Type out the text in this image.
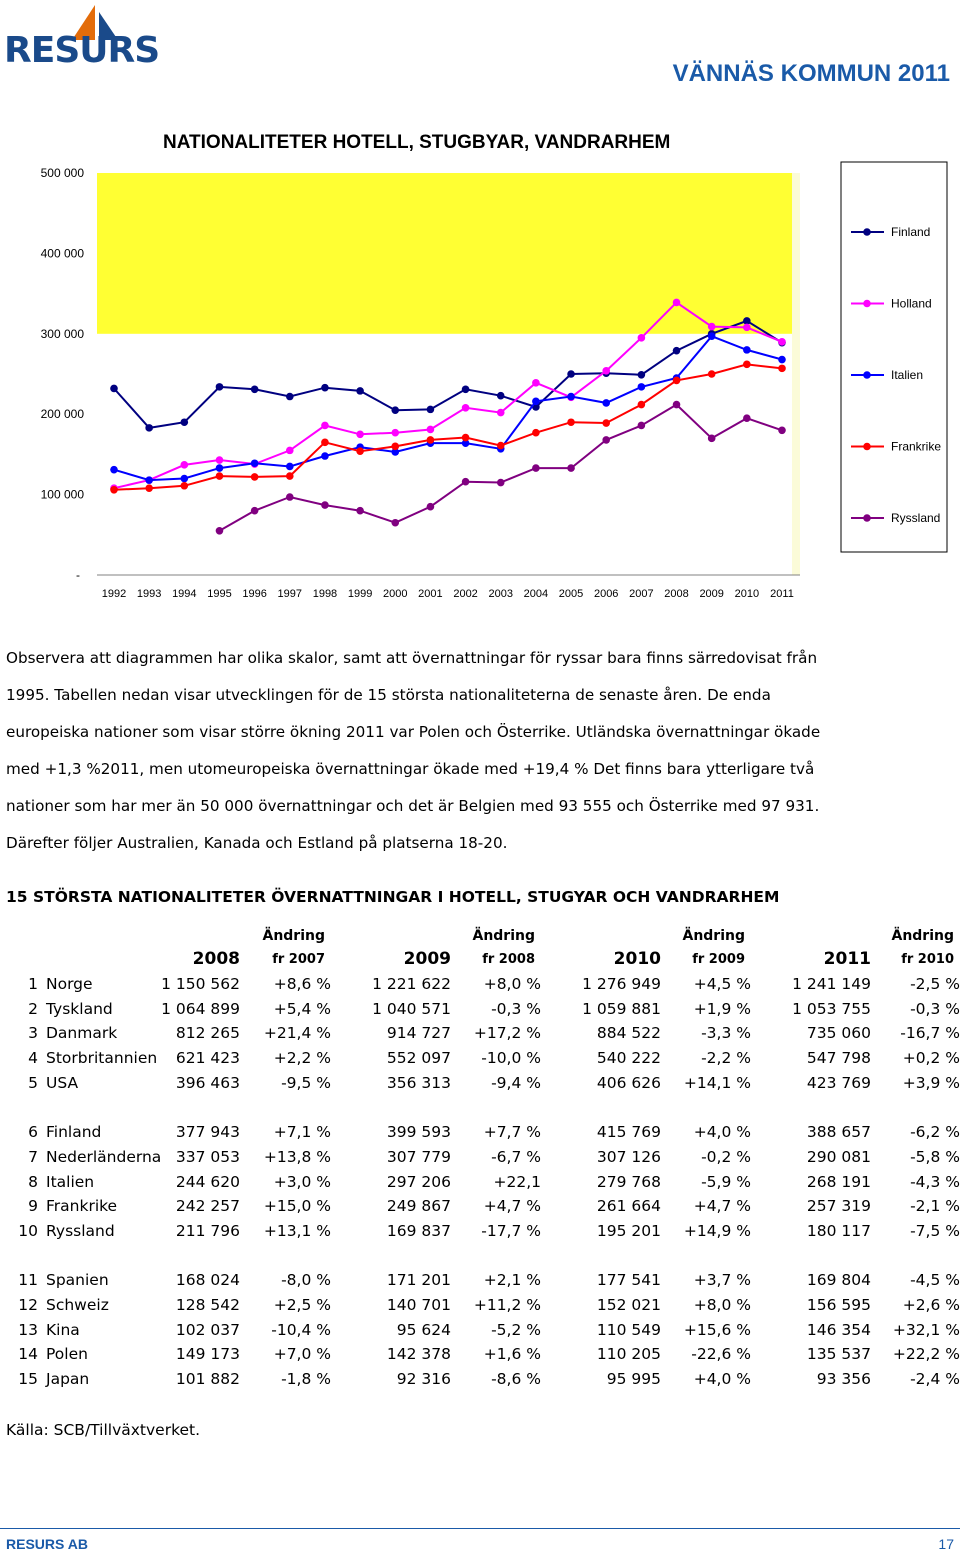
RESURS
VÄNNÄS KOMMUN 2011
NATIONALITETER HOTELL, STUGBYAR, VANDRARHEM
-
100 000
200 000
300 000
400 000
500 000
1992 1993 1994 1995 1996 1997 1998 1999 2000 2001 2002 2003 2004 2005 2006 2007 2008 2009 2010 2011
Finland
Holland
Italien
Frankrike
Ryssland

Observera att diagrammen har olika skalor, samt att övernattningar för ryssar bara finns särredovisat från

1995. Tabellen nedan visar utvecklingen för de 15 största nationaliteterna de senaste åren. De enda

europeiska nationer som visar större ökning 2011 var Polen och Österrike. Utländska övernattningar ökade

med +1,3 %2011, men utomeuropeiska övernattningar ökade med +19,4 % Det finns bara ytterligare två

nationer som har mer än 50 000 övernattningar och det är Belgien med 93 555 och Österrike med 97 931.

Därefter följer Australien, Kanada och Estland på platserna 18-20.

15 STÖRSTA NATIONALITETER ÖVERNATTNINGAR I HOTELL, STUGYAR OCH VANDRARHEM
Ändring
2008 fr 2007
Ändring
2009 fr 2008
Ändring
2010 fr 2009
Ändring
2011 fr 2010
1 Norge	1 150 562 +8,6 %	1 221 622 +8,0 %	1 276 949 +4,5 %	1 241 149	-2,5 %
2 Tyskland	1 064 899 +5,4 %	1 040 571	-0,3 %	1 059 881 +1,9 %	1 053 755	-0,3 %
3 Danmark	812 265 +21,4 %	914 727 +17,2 %	884 522	-3,3 %	735 060 -16,7 %
4 Storbritannien 621 423 +2,2 %	552 097 -10,0 %	540 222	-2,2 %	547 798 +0,2 %
5 USA	396 463	-9,5 %	356 313	-9,4 %	406 626 +14,1 %	423 769 +3,9 %
6 Finland	377 943 +7,1 %	399 593 +7,7 %	415 769 +4,0 %	388 657	-6,2 %
7 Nederländerna 337 053 +13,8 %	307 779	-6,7 %	307 126	-0,2 %	290 081	-5,8 %
8 Italien	244 620 +3,0 %	297 206	+22,1	279 768	-5,9 %	268 191	-4,3 %
9 Frankrike	242 257 +15,0 %	249 867 +4,7 %	261 664 +4,7 %	257 319	-2,1 %
10 Ryssland	211 796 +13,1 %	169 837 -17,7 %	195 201 +14,9 %	180 117	-7,5 %
11 Spanien	168 024	-8,0 %	171 201 +2,1 %	177 541 +3,7 %	169 804	-4,5 %
12 Schweiz	128 542 +2,5 %	140 701 +11,2 %	152 021 +8,0 %	156 595 +2,6 %
13 Kina	102 037 -10,4 %	95 624	-5,2 %	110 549 +15,6 %	146 354 +32,1 %
14 Polen	149 173 +7,0 %	142 378 +1,6 %	110 205 -22,6 %	135 537 +22,2 %
15 Japan	101 882	-1,8 %	92 316	-8,6 %	95 995 +4,0 %	93 356	-2,4 %
Källa: SCB/Tillväxtverket.
RESURS AB	17
